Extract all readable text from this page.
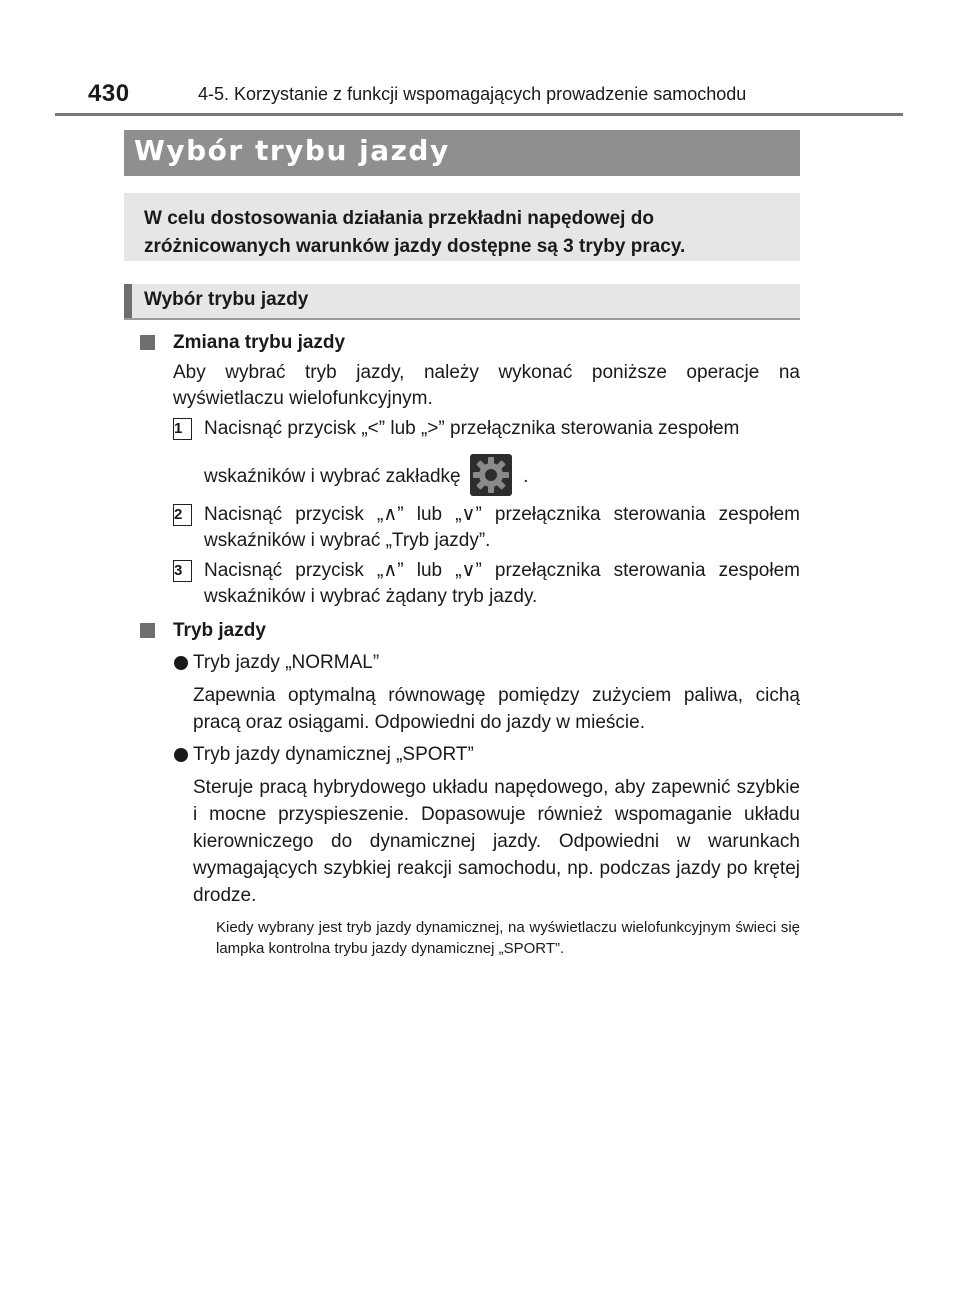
430	4-5. Korzystanie z funkcji wspomagających prowadzenie samochodu
Wybór trybu jazdy
W celu dostosowania działania przekładni napędowej do zróżnicowanych warunków jazdy dostępne są 3 tryby pracy.
Wybór trybu jazdy

Zmiana trybu jazdy

Aby wybrać tryb jazdy, należy wykonać poniższe operacje na wyświetlaczu wielofunkcyjnym.

1	Nacisnąć przycisk „<” lub „>” przełącznika sterowania zespołem
wskaźników i wybrać zakładkę	.
2	Nacisnąć przycisk „∧” lub „∨” przełącznika sterowania zespołem wskaźników i wybrać „Tryb jazdy”.
3	Nacisnąć przycisk „∧” lub „∨” przełącznika sterowania zespołem wskaźników i wybrać żądany tryb jazdy.

Tryb jazdy

Tryb jazdy „NORMAL”

Zapewnia optymalną równowagę pomiędzy zużyciem paliwa, cichą pracą oraz osiągami. Odpowiedni do jazdy w mieście.

Tryb jazdy dynamicznej „SPORT”

Steruje pracą hybrydowego układu napędowego, aby zapewnić szybkie i mocne przyspieszenie. Dopasowuje również wspomaganie układu kierowniczego do dynamicznej jazdy. Odpowiedni w warunkach wymagających szybkiej reakcji samochodu, np. podczas jazdy po krętej drodze.

Kiedy wybrany jest tryb jazdy dynamicznej, na wyświetlaczu wielofunkcyjnym świeci się lampka kontrolna trybu jazdy dynamicznej „SPORT”.
